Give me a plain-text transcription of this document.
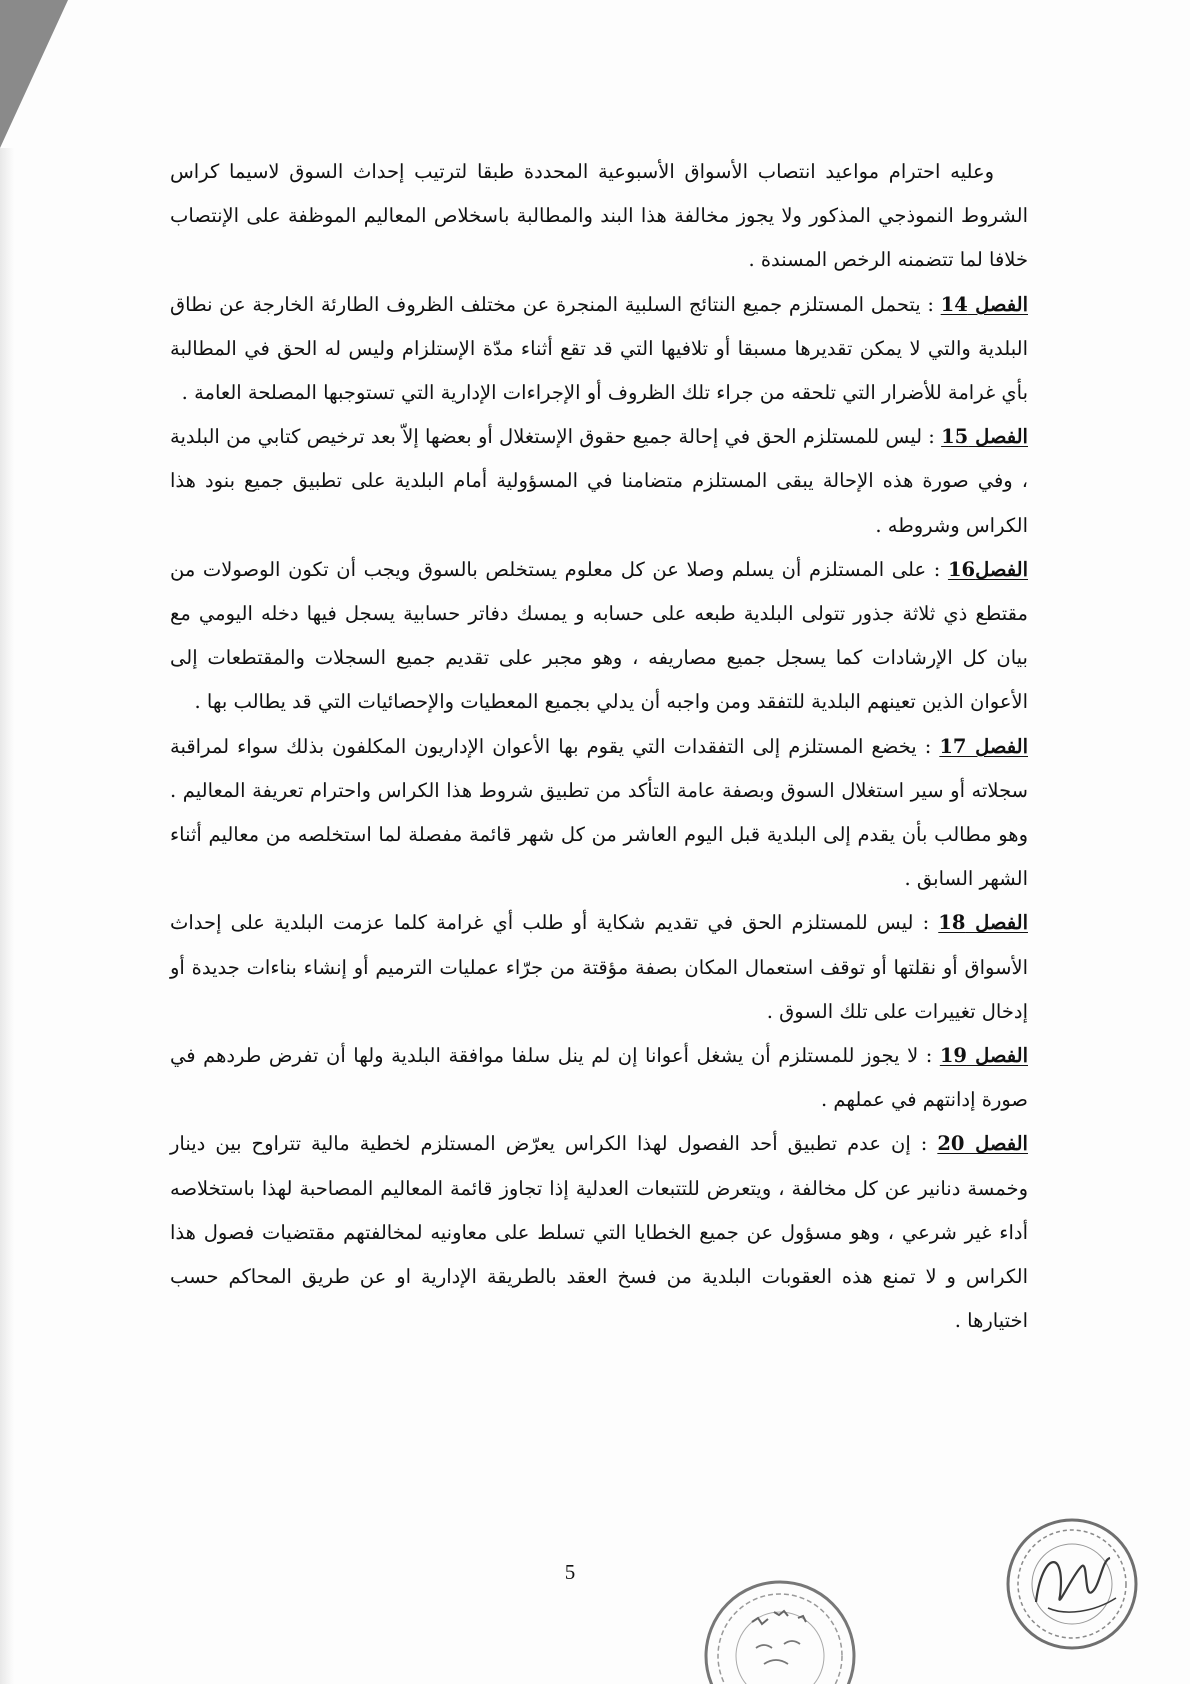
وعليه احترام مواعيد انتصاب الأسواق الأسبوعية المحددة طبقا لترتيب إحداث السوق لاسيما كراس الشروط النموذجي المذكور ولا يجوز مخالفة هذا البند والمطالبة باسخلاص المعاليم الموظفة على الإنتصاب خلافا لما تتضمنه الرخص المسندة .

الفصل 14 : يتحمل المستلزم جميع النتائج السلبية المنجرة عن مختلف الظروف الطارئة الخارجة عن نطاق البلدية والتي لا يمكن تقديرها مسبقا أو تلافيها التي قد تقع أثناء مدّة الإستلزام وليس له الحق في المطالبة بأي غرامة للأضرار التي تلحقه من جراء تلك الظروف أو الإجراءات الإدارية التي تستوجبها المصلحة العامة .

الفصل 15 : ليس للمستلزم الحق في إحالة جميع حقوق الإستغلال أو بعضها إلاّ بعد ترخيص كتابي من البلدية ، وفي صورة هذه الإحالة يبقى المستلزم متضامنا في المسؤولية أمام البلدية على تطبيق جميع بنود هذا الكراس وشروطه .

الفصل16 : على المستلزم أن يسلم وصلا عن كل معلوم يستخلص بالسوق ويجب أن تكون الوصولات من مقتطع ذي ثلاثة جذور تتولى البلدية طبعه على حسابه و يمسك دفاتر حسابية يسجل فيها دخله اليومي مع بيان كل الإرشادات كما يسجل جميع مصاريفه ، وهو مجبر على تقديم جميع السجلات والمقتطعات إلى الأعوان الذين تعينهم البلدية للتفقد ومن واجبه أن يدلي بجميع المعطيات والإحصائيات التي قد يطالب بها .

الفصل 17 : يخضع المستلزم إلى التفقدات التي يقوم بها الأعوان الإداريون المكلفون بذلك سواء لمراقبة سجلاته أو سير استغلال السوق وبصفة عامة التأكد من تطبيق شروط هذا الكراس واحترام تعريفة المعاليم . وهو مطالب بأن يقدم إلى البلدية قبل اليوم العاشر من كل شهر قائمة مفصلة لما استخلصه من معاليم أثناء الشهر السابق .

الفصل 18 : ليس للمستلزم الحق في تقديم شكاية أو طلب أي غرامة كلما عزمت البلدية على إحداث الأسواق أو نقلتها أو توقف استعمال المكان بصفة مؤقتة من جرّاء عمليات الترميم أو إنشاء بناءات جديدة أو إدخال تغييرات على تلك السوق .

الفصل 19 : لا يجوز للمستلزم أن يشغل أعوانا إن لم ينل سلفا موافقة البلدية ولها أن تفرض طردهم في صورة إدانتهم في عملهم .

الفصل 20 : إن عدم تطبيق أحد الفصول لهذا الكراس يعرّض المستلزم لخطية مالية تتراوح بين دينار وخمسة دنانير عن كل مخالفة ، ويتعرض للتتبعات العدلية إذا تجاوز قائمة المعاليم المصاحبة لهذا باستخلاصه أداء غير شرعي ، وهو مسؤول عن جميع الخطايا التي تسلط على معاونيه لمخالفتهم مقتضيات فصول هذا الكراس و لا تمنع هذه العقوبات البلدية من فسخ العقد بالطريقة الإدارية او عن طريق المحاكم حسب اختيارها .

5
